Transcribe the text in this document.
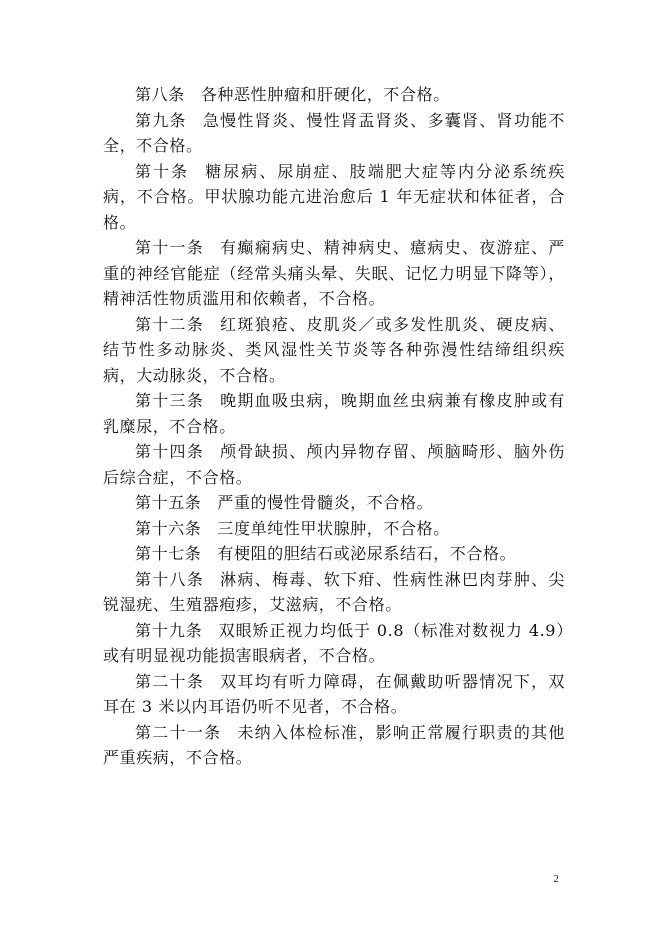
第八条 各种恶性肿瘤和肝硬化，不合格。

第九条 急慢性肾炎、慢性肾盂肾炎、多囊肾、肾功能不全，不合格。

第十条 糖尿病、尿崩症、肢端肥大症等内分泌系统疾病，不合格。甲状腺功能亢进治愈后 1 年无症状和体征者，合格。

第十一条 有癫痫病史、精神病史、癔病史、夜游症、严重的神经官能症（经常头痛头晕、失眠、记忆力明显下降等），精神活性物质滥用和依赖者，不合格。

第十二条 红斑狼疮、皮肌炎／或多发性肌炎、硬皮病、结节性多动脉炎、类风湿性关节炎等各种弥漫性结缔组织疾病，大动脉炎，不合格。

第十三条 晚期血吸虫病，晚期血丝虫病兼有橡皮肿或有乳糜尿，不合格。

第十四条 颅骨缺损、颅内异物存留、颅脑畸形、脑外伤后综合症，不合格。

第十五条 严重的慢性骨髓炎，不合格。

第十六条 三度单纯性甲状腺肿，不合格。

第十七条 有梗阻的胆结石或泌尿系结石，不合格。

第十八条 淋病、梅毒、软下疳、性病性淋巴肉芽肿、尖锐湿疣、生殖器疱疹，艾滋病，不合格。

第十九条 双眼矫正视力均低于 0.8（标准对数视力 4.9）或有明显视功能损害眼病者，不合格。

第二十条 双耳均有听力障碍，在佩戴助听器情况下，双耳在 3 米以内耳语仍听不见者，不合格。

第二十一条 未纳入体检标准，影响正常履行职责的其他严重疾病，不合格。

2
